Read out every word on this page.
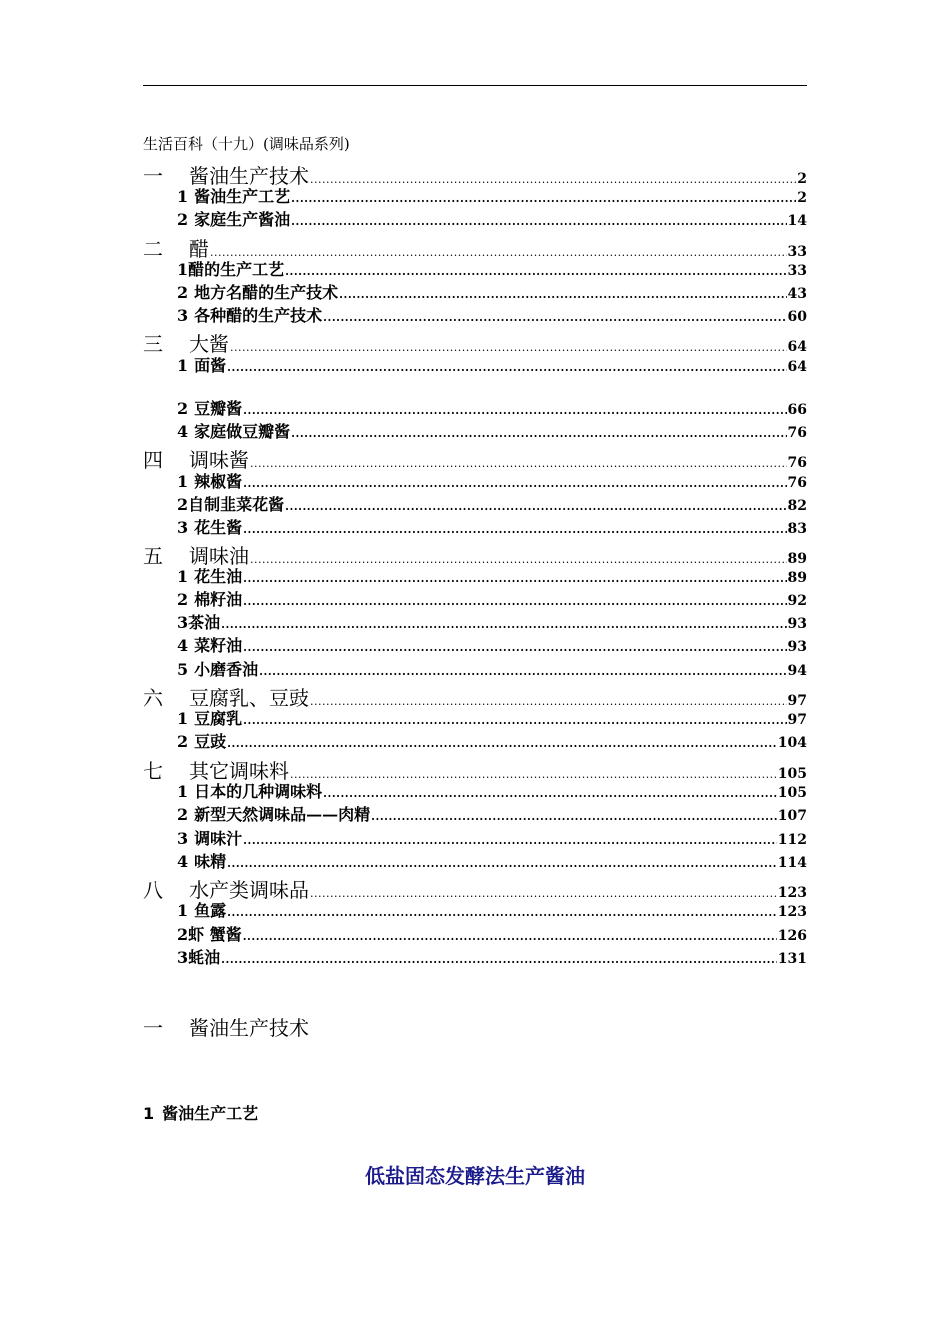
生活百科（十九）(调味品系列)
一	酱油生产技术 .....	2
1 酱油生产工艺 .....	2
2 家庭生产酱油 .....	14
二	醋 .....	33
1 醋的生产工艺 .....	33
2 地方名醋的生产技术 .....	43
3 各种醋的生产技术 .....	60
三	大酱 .....	64
1 面酱 .....	64
2 豆瓣酱 .....	66
4 家庭做豆瓣酱 .....	76
四	调味酱 .....	76
1 辣椒酱 .....	76
2 自制韭菜花酱 .....	82
3 花生酱 .....	83
五	调味油 .....	89
1 花生油 .....	89
2 棉籽油 .....	92
3 茶油 .....	93
4 菜籽油 .....	93
5 小磨香油 .....	94
六	豆腐乳、豆豉 .....	97
1 豆腐乳 .....	97
2 豆豉 .....	104
七	其它调味料 .....	105
1 日本的几种调味料 .....	105
2 新型天然调味品——肉精 .....	107
3 调味汁 .....	112
4 味精 .....	114
八	水产类调味品 .....	123
1 鱼露 .....	123
2 虾 蟹酱 .....	126
3 蚝油 .....	131
一 酱油生产技术
1 酱油生产工艺
低盐固态发酵法生产酱油
